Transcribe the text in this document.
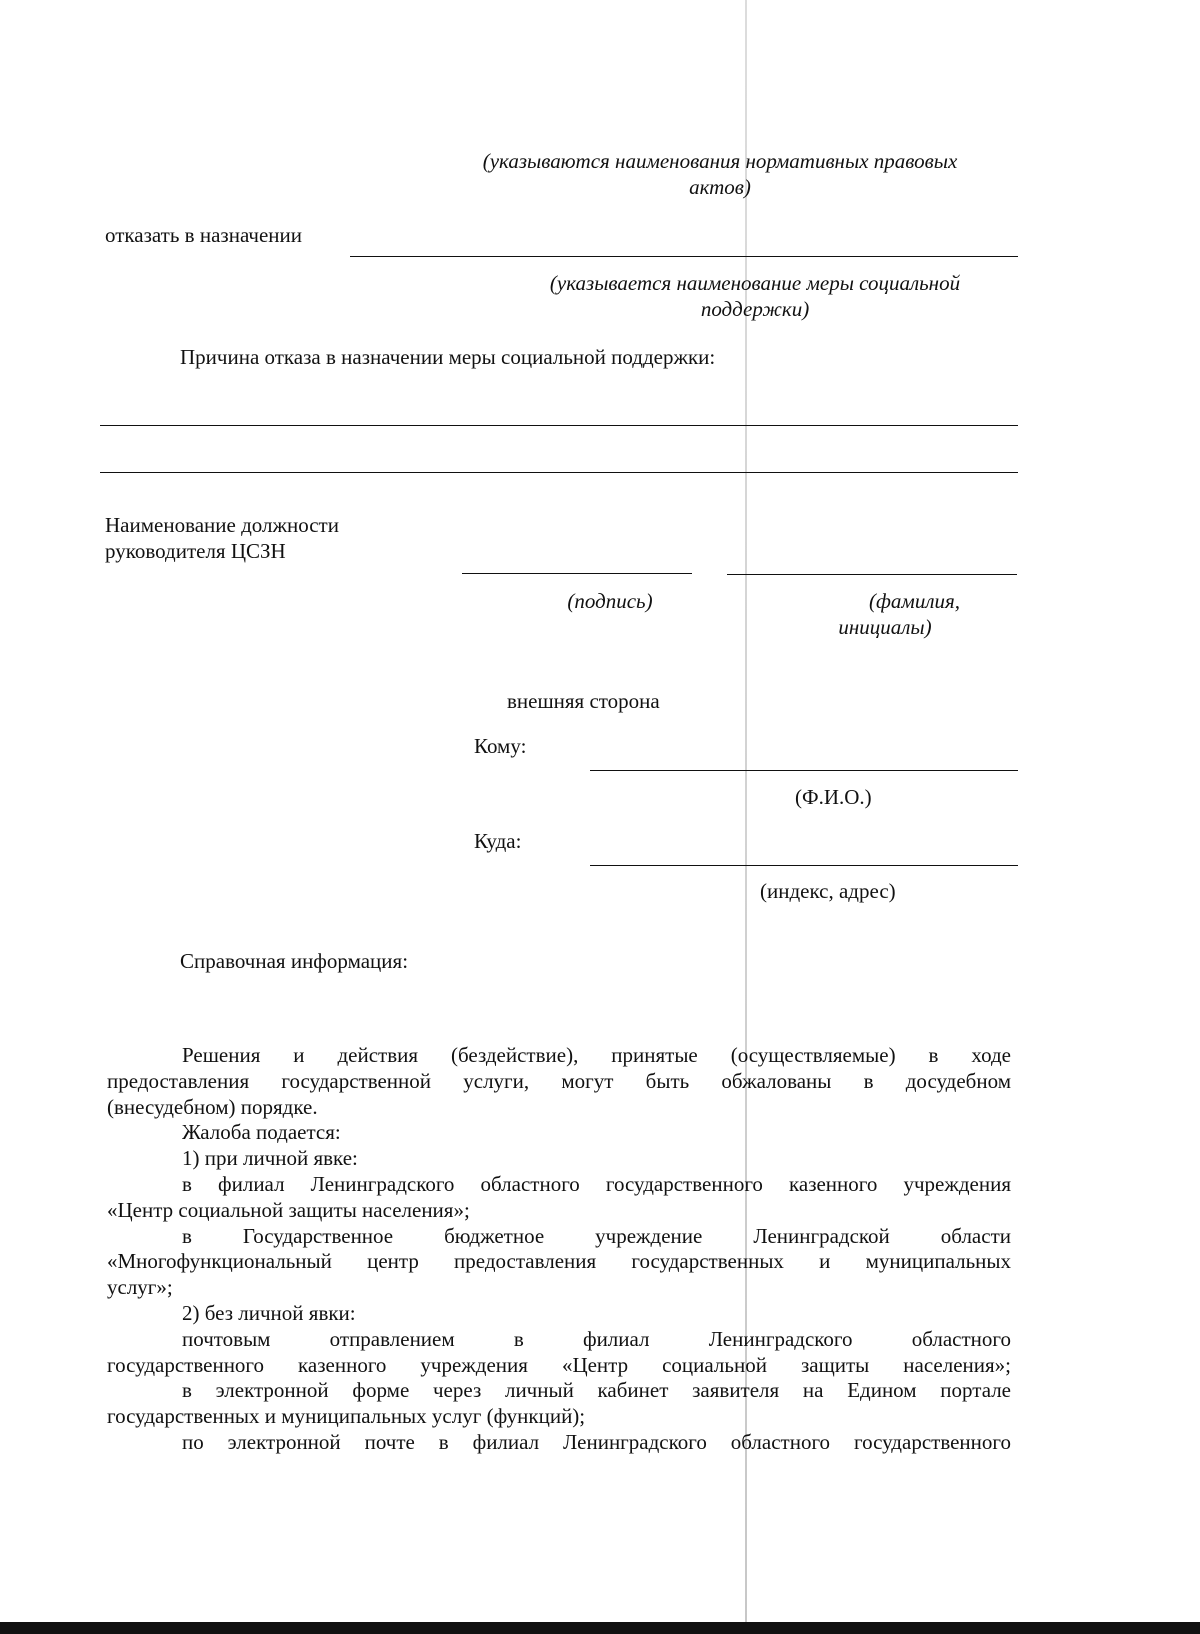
(указываются наименования нормативных правовых
актов)
отказать в назначении
(указывается наименование меры социальной
поддержки)
Причина отказа в назначении меры социальной поддержки:
Наименование должности
руководителя ЦСЗН
(подпись)	(фамилия,
инициалы)
внешняя сторона
Кому:
(Ф.И.О.)
Куда:
(индекс, адрес)
Справочная информация:
Решения и действия (бездействие), принятые (осуществляемые) в ходе
предоставления государственной услуги, могут быть обжалованы в досудебном
(внесудебном) порядке.
Жалоба подается:
1) при личной явке:
в филиал Ленинградского областного государственного казенного учреждения
«Центр социальной защиты населения»;
в Государственное бюджетное учреждение Ленинградской области
«Многофункциональный центр предоставления государственных и муниципальных
услуг»;
2) без личной явки:
почтовым отправлением в филиал Ленинградского областного
государственного казенного учреждения «Центр социальной защиты населения»;
в электронной форме через личный кабинет заявителя на Едином портале
государственных и муниципальных услуг (функций);
по электронной почте в филиал Ленинградского областного государственного
